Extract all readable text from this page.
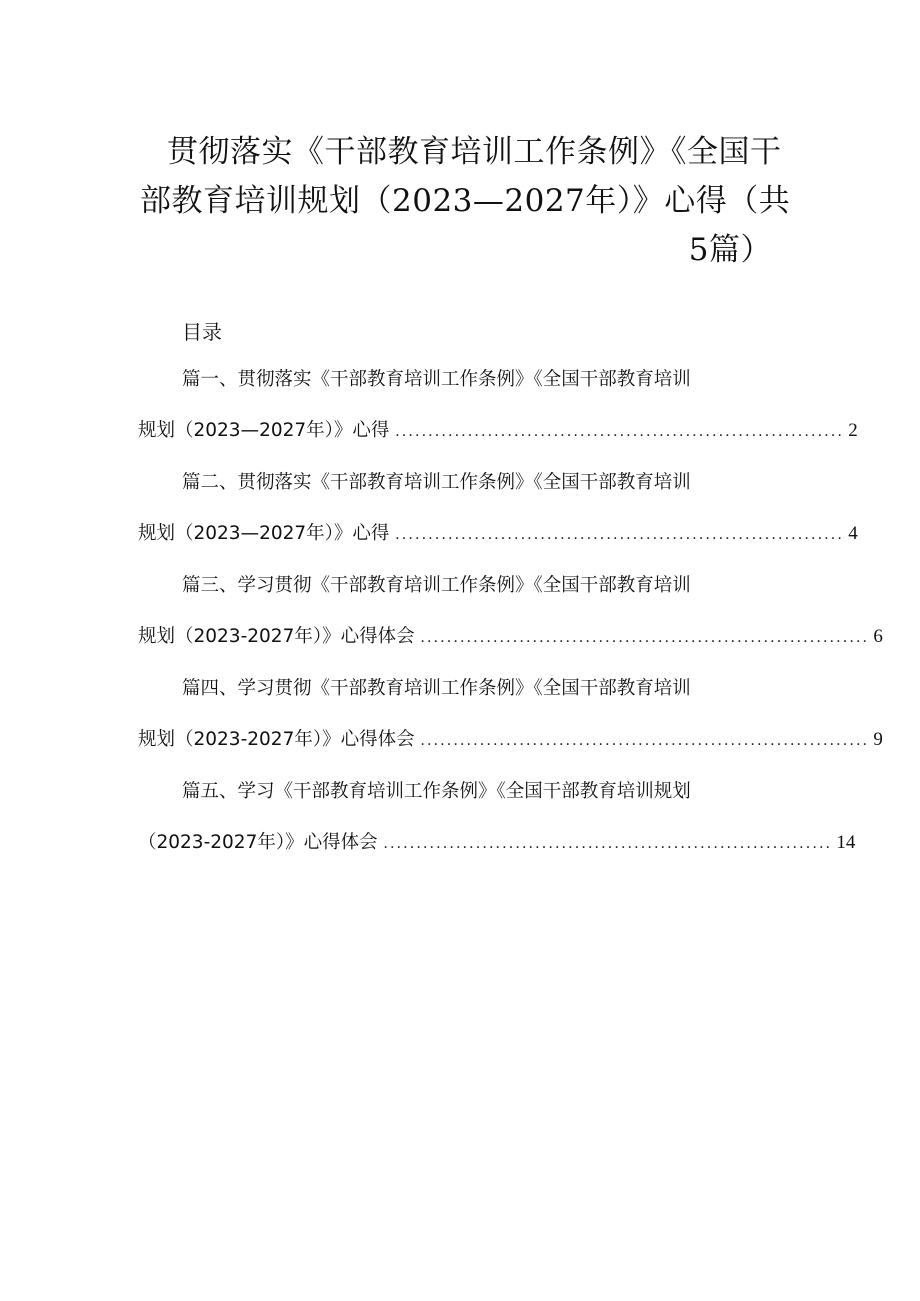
贯彻落实《干部教育培训工作条例》《全国干
部教育培训规划（2023—2027年）》心得（共
5篇）
目录
篇一、贯彻落实《干部教育培训工作条例》《全国干部教育培训
规划（2023—2027年）》心得 .................................................................... 2
篇二、贯彻落实《干部教育培训工作条例》《全国干部教育培训
规划（2023—2027年）》心得 .................................................................... 4
篇三、学习贯彻《干部教育培训工作条例》《全国干部教育培训
规划（2023-2027年）》心得体会 .................................................................... 6
篇四、学习贯彻《干部教育培训工作条例》《全国干部教育培训
规划（2023-2027年）》心得体会 .................................................................... 9
篇五、学习《干部教育培训工作条例》《全国干部教育培训规划
（2023-2027年）》心得体会 .................................................................... 14
